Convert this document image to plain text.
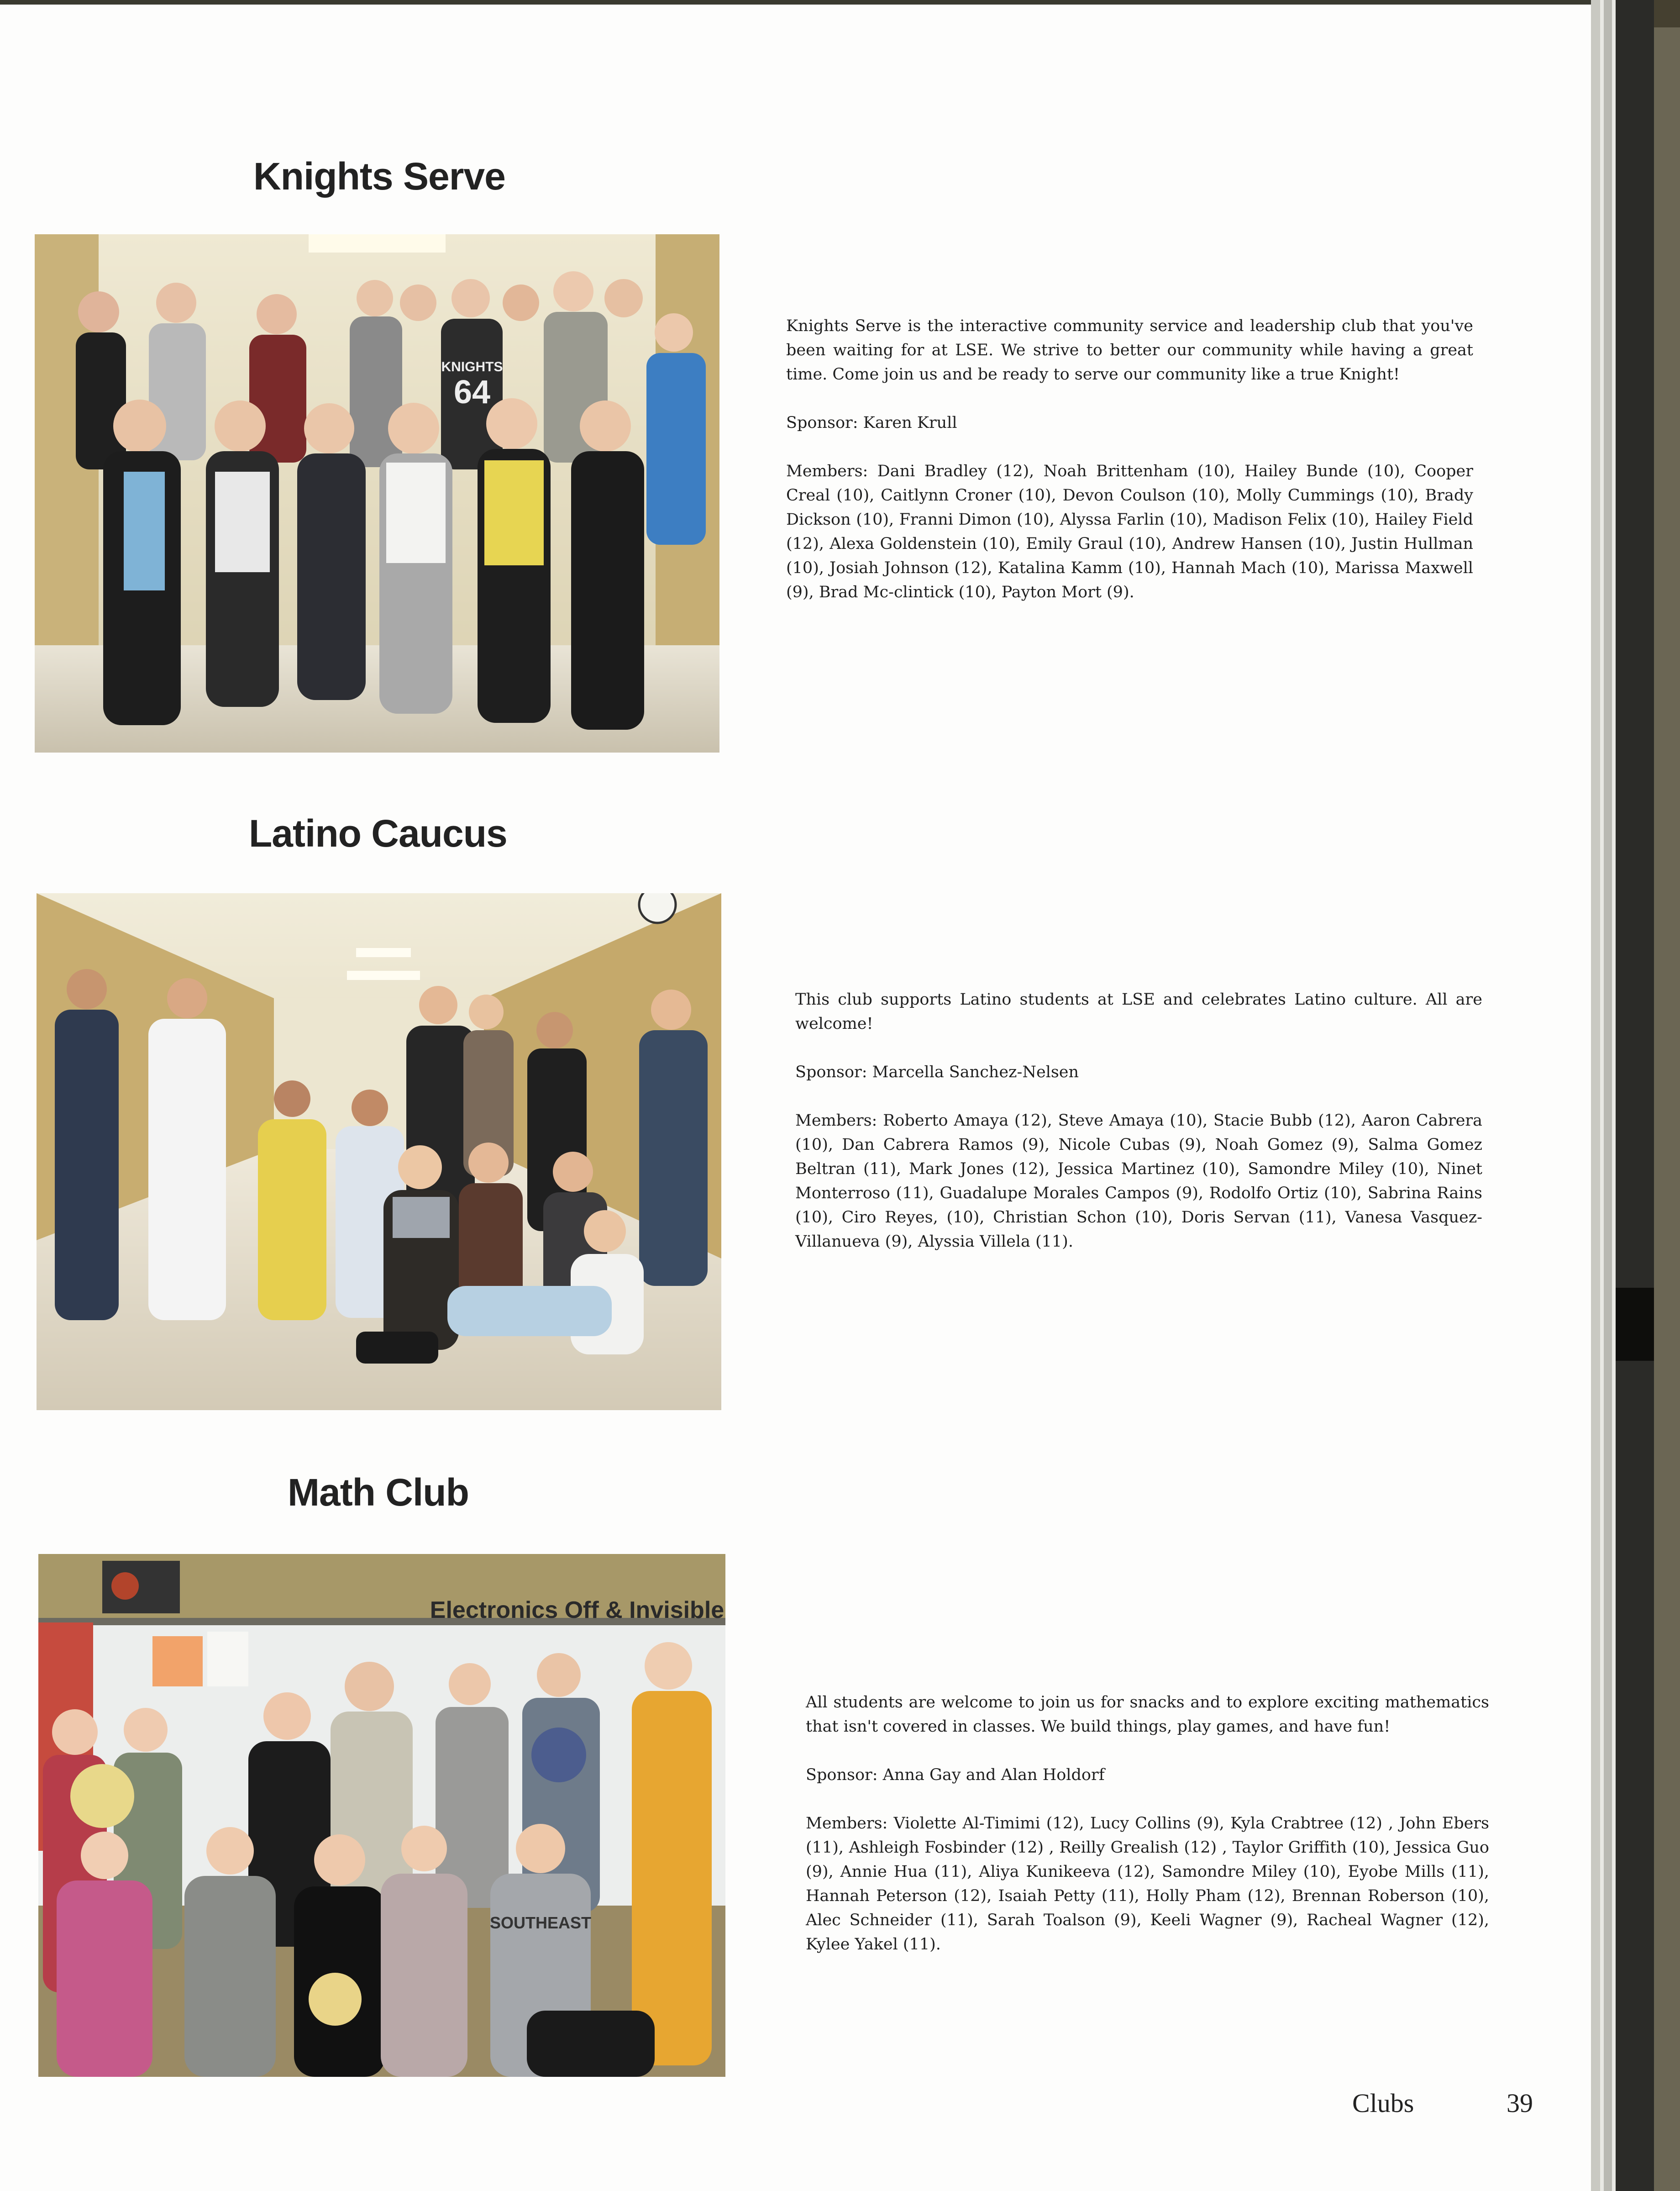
Knights Serve
KNIGHTS
64

Knights Serve is the interactive community service and leadership club that you've been waiting for at LSE. We strive to better our community while having a great time. Come join us and be ready to serve our community like a true Knight!

Sponsor: Karen Krull

Members: Dani Bradley (12), Noah Brittenham (10), Hailey Bunde (10), Cooper Creal (10), Caitlynn Croner (10), Devon Coulson (10), Molly Cummings (10), Brady Dickson (10), Franni Dimon (10), Alyssa Farlin (10), Madison Felix (10), Hailey Field (12), Alexa Goldenstein (10), Emily Graul (10), Andrew Hansen (10), Justin Hullman (10), Josiah Johnson (12), Katalina Kamm (10), Hannah Mach (10), Marissa Maxwell (9), Brad Mc-clintick (10), Payton Mort (9).

Latino Caucus

This club supports Latino students at LSE and celebrates Latino culture. All are welcome!

Sponsor: Marcella Sanchez-Nelsen

Members: Roberto Amaya (12), Steve Amaya (10), Stacie Bubb (12), Aaron Cabrera (10), Dan Cabrera Ramos (9), Nicole Cubas (9), Noah Gomez (9), Salma Gomez Beltran (11), Mark Jones (12), Jessica Martinez (10), Samondre Miley (10), Ninet Monterroso (11), Guadalupe Morales Campos (9), Rodolfo Ortiz (10), Sabrina Rains (10), Ciro Reyes, (10), Christian Schon (10), Doris Servan (11), Vanesa Vasquez-Villanueva (9), Alyssia Villela (11).

Math Club
Electronics Off & Invisible
SOUTHEAST

All students are welcome to join us for snacks and to explore exciting mathematics that isn't covered in classes. We build things, play games, and have fun!

Sponsor: Anna Gay and Alan Holdorf

Members: Violette Al-Timimi (12), Lucy Collins (9), Kyla Crabtree (12) , John Ebers (11), Ashleigh Fosbinder (12) , Reilly Grealish (12) , Taylor Griffith (10), Jessica Guo (9), Annie Hua (11), Aliya Kunikeeva (12), Samondre Miley (10), Eyobe Mills (11), Hannah Peterson (12), Isaiah Petty (11), Holly Pham (12), Brennan Roberson (10), Alec Schneider (11), Sarah Toalson (9), Keeli Wagner (9), Racheal Wagner (12), Kylee Yakel (11).

Clubs	39
